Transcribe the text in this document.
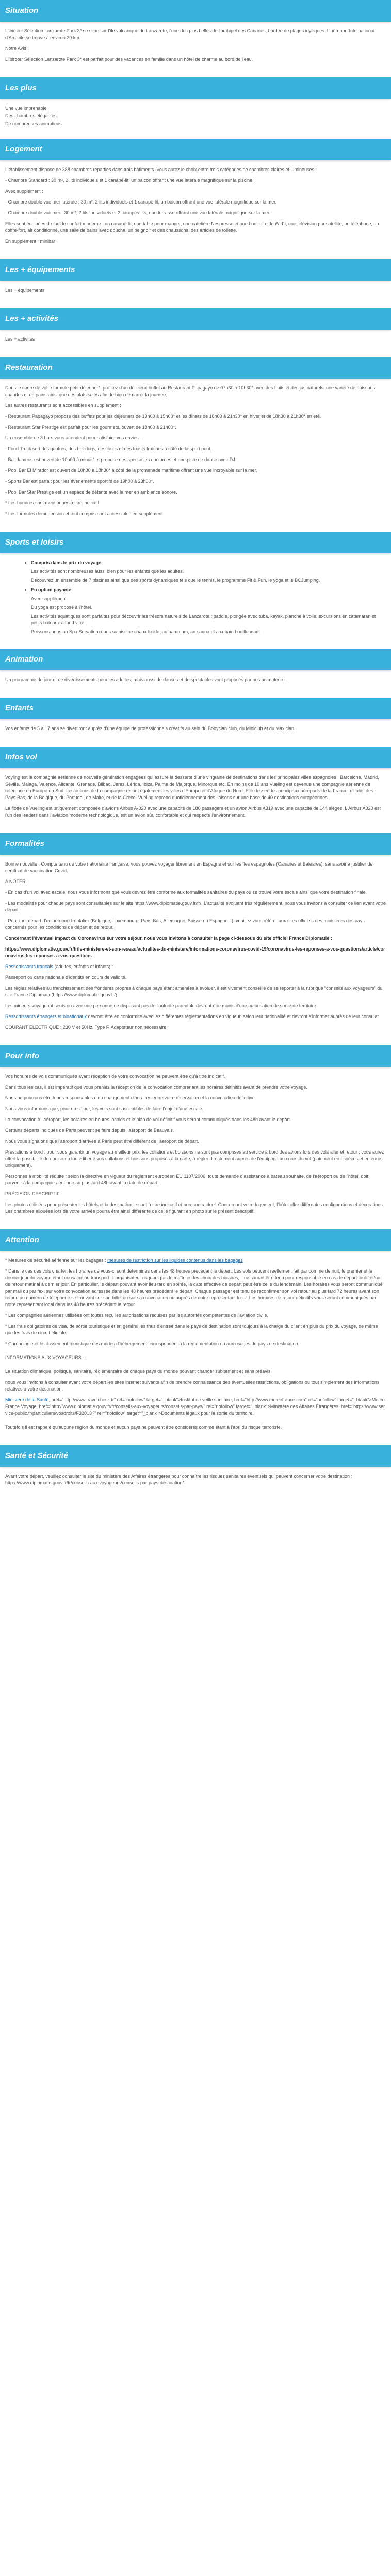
Situation

L'ibiroter Sélection Lanzarote Park 3* se situe sur l'île volcanique de Lanzarote, l'une des plus belles de l'archipel des Canaries, bordée de plages idylliques. L'aéroport International d'Arrecife se trouve à environ 20 km.

Notre Avis :

L'ibiroter Sélection Lanzarote Park 3* est parfait pour des vacances en famille dans un hôtel de charme au bord de l'eau.

Les plus
Une vue imprenable
Des chambres élégantes
De nombreuses animations
Logement

L'établissement dispose de 388 chambres réparties dans trois bâtiments. Vous aurez le choix entre trois catégories de chambres claires et lumineuses :

- Chambre Standard : 30 m², 2 lits individuels et 1 canapé-lit, un balcon offrant une vue latérale magnifique sur la piscine.

Avec supplément :

- Chambre double vue mer latérale : 30 m², 2 lits individuels et 1 canapé-lit, un balcon offrant une vue latérale magnifique sur la mer.

- Chambre double vue mer : 30 m², 2 lits individuels et 2 canapés-lits, une terrasse offrant une vue latérale magnifique sur la mer.

Elles sont équipées de tout le confort moderne : un canapé-lit, une table pour manger, une cafetière Nespresso et une bouilloire, le Wi-Fi, une télévision par satellite, un téléphone, un coffre-fort, air conditionné, une salle de bains avec douche, un peignoir et des chaussons, des articles de toilette.

En supplément : minibar

Les + équipements

Les + équipements

Les + activités

Les + activités

Restauration

Dans le cadre de votre formule petit-déjeuner*, profitez d'un délicieux buffet au Restaurant Papagayo de 07h30 à 10h30* avec des fruits et des jus naturels, une variété de boissons chaudes et de pains ainsi que des plats salés afin de bien démarrer la journée.

Les autres restaurants sont accessibles en supplément :

- Restaurant Papagayo propose des buffets pour les déjeuners de 13h00 à 15h00* et les dîners de 18h00 à 21h30* en hiver et de 18h30 à 21h30* en été.

- Restaurant Star Prestige est parfait pour les gourmets, ouvert de 18h00 à 21h00*.

Un ensemble de 3 bars vous attendent pour satisfaire vos envies :

- Food Truck sert des gaufres, des hot-dogs, des tacos et des toasts fraîches à côté de la sport pool.

- Bar Jameos est ouvert de 10h00 à minuit* et propose des spectacles nocturnes et une piste de danse avec DJ.

- Pool Bar El Mirador est ouvert de 10h30 à 18h30* à côté de la promenade maritime offrant une vue incroyable sur la mer.

- Sports Bar est parfait pour les événements sportifs de 19h00 à 23h00*.

- Pool Bar Star Prestige est un espace de détente avec la mer en ambiance sonore.

* Les horaires sont mentionnés à titre indicatif

* Les formules demi-pension et tout compris sont accessibles en supplément.

Sports et loisirs
• Compris dans le prix du voyage
Les activités sont nombreuses aussi bien pour les enfants que les adultes.
Découvrez un ensemble de 7 piscines ainsi que des sports dynamiques tels que le tennis, le programme Fit & Fun, le yoga et le BCJumping.
• En option payante
Avec supplément :
Du yoga est proposé à l'hôtel.
Les activités aquatiques sont parfaites pour découvrir les trésors naturels de Lanzarote : paddle, plongée avec tuba, kayak, planche à voile, excursions en catamaran et petits bateaux à fond vitré.
Poissons-nous au Spa Servatium dans sa piscine chaux froide, au hammam, au sauna et aux bain bouillonnant.
Animation

Un programme de jour et de divertissements pour les adultes, mais aussi de danses et de spectacles vont proposés par nos animateurs.

Enfants

Vos enfants de 5 à 17 ans se divertiront auprès d'une équipe de professionnels créatifs au sein du Bobyclan club, du Miniclub et du Maxiclan.

Infos vol

Voyling est la compagnie aérienne de nouvelle génération engagées qui assure la desserte d'une vingtaine de destinations dans les principales villes espagnoles : Barcelone, Madrid, Séville, Malaga, Valence, Alicante, Grenade, Bilbao, Jerez, Lérida, Ibiza, Palma de Majorque, Minorque etc. En moins de 10 ans Vueling est devenue une compagnie aérienne de référence en Europe du Sud. Les actions de la compagnie reliant également les villes d'Europe et d'Afrique du Nord. Elle dessert les principaux aéroports de la France, d'Italie, des Pays-Bas, de la Belgique, du Portugal, de Malte, et de la Grèce. Vueling reprend quotidiennement des liaisons sur une base de 40 destinations européennes.

La flotte de Vueling est uniquement composée d'avions Airbus A-320 avec une capacité de 180 passagers et un avion Airbus A319 avec une capacité de 144 sièges. L'Airbus A320 est l'un des leaders dans l'aviation moderne technologique, est un avion sûr, confortable et qui respecte l'environnement.

Formalités

Bonne nouvelle : Compte tenu de votre nationalité française, vous pouvez voyager librement en Espagne et sur les îles espagnoles (Canaries et Baléares), sans avoir à justifier de certificat de vaccination Covid.

A NOTER

- En cas d'un vol avec escale, nous vous informons que vous devrez être conforme aux formalités sanitaires du pays où se trouve votre escale ainsi que votre destination finale.

- Les modalités pour chaque pays sont consultables sur le site https://www.diplomatie.gouv.fr/fr/. L'actualité évoluant très régulièrement, nous vous invitons à consulter ce lien avant votre départ.

- Pour tout départ d'un aéroport frontalier (Belgique, Luxembourg, Pays-Bas, Allemagne, Suisse ou Espagne...), veuillez vous référer aux sites officiels des ministères des pays concernés pour les conditions de départ et de retour.

Concernant l'éventuel impact du Coronavirus sur votre séjour, nous vous invitons à consulter la page ci-dessous du site officiel France Diplomatie :

https://www.diplomatie.gouv.fr/fr/le-ministere-et-son-reseau/actualites-du-ministere/informations-coronavirus-covid-19/coronavirus-les-reponses-a-vos-questions/article/coronavirus-les-reponses-a-vos-questions

Ressortissants français (adultes, enfants et infants) :

Passeport ou carte nationale d'identité en cours de validité.

Les règles relatives au franchissement des frontières propres à chaque pays étant amenées à évoluer, il est vivement conseillé de se reporter à la rubrique "conseils aux voyageurs" du site France Diplomatie(https://www.diplomatie.gouv.fr/)

Les mineurs voyageant seuls ou avec une personne ne disposant pas de l'autorité parentale devront être munis d'une autorisation de sortie de territoire.

Ressortissants étrangers et binationaux devront être en conformité avec les différentes réglementations en vigueur, selon leur nationalité et devront s'informer auprès de leur consulat.

COURANT ÉLECTRIQUE : 230 V et 50Hz. Type F. Adaptateur non nécessaire.

Pour info

Vos horaires de vols communiqués avant réception de votre convocation ne peuvent être qu'à titre indicatif.

Dans tous les cas, il est impératif que vous preniez la réception de la convocation comprenant les horaires définitifs avant de prendre votre voyage.

Nous ne pourrons être tenus responsables d'un changement d'horaires entre votre réservation et la convocation définitive.

Nous vous informons que, pour un séjour, les vols sont susceptibles de faire l'objet d'une escale.

La convocation à l'aéroport, les horaires en heures locales et le plan de vol définitif vous seront communiqués dans les 48h avant le départ.

Certains départs indiqués de Paris peuvent se faire depuis l'aéroport de Beauvais.

Nous vous signalons que l'aéroport d'arrivée à Paris peut être différent de l'aéroport de départ.

Prestations à bord : pour vous garantir un voyage au meilleur prix, les collations et boissons ne sont pas comprises au service à bord des avions lors des vols aller et retour ; vous aurez offert la possibilité de choisir en toute liberté vos collations et boissons proposés à la carte, à régler directement auprès de l'équipage au cours du vol (paiement en espèces et en euros uniquement).

Personnes à mobilité réduite : selon la directive en vigueur du règlement européen EU 1107/2006, toute demande d'assistance à bateau souhaite, de l'aéroport ou de l'hôtel, doit parvenir à la compagnie aérienne au plus tard 48h avant la date de départ.

PRÉCISION DESCRIPTIF

Les photos utilisées pour présenter les hôtels et la destination le sont à titre indicatif et non-contractuel. Concernant votre logement, l'hôtel offre différentes configurations et décorations. Les chambres allouées lors de votre arrivée pourra être ainsi différente de celle figurant en photo sur le présent descriptif.

Attention

* Mesures de sécurité aérienne sur les bagages : mesures de restriction sur les liquides contenus dans les bagages

* Dans le cas des vols charter, les horaires de vous-ci sont déterminés dans les 48 heures précédant le départ. Les vols peuvent réellement fait par comme de nuit, le premier et le dernier jour du voyage étant consacré au transport. L'organisateur risquant pas le maîtrise des choix des horaires, il ne saurait être tenu pour responsable en cas de départ tardif et/ou de retour matinal à dernier jour. En particulier, le départ pouvant avoir lieu tard en soirée, la date effective de départ peut être celle du lendemain. Les horaires vous seront communiqué par mail ou par fax, sur votre convocation adressée dans les 48 heures précédant le départ. Chaque passager est tenu de reconfirmer son vol retour au plus tard 72 heures avant son retour, au numéro de téléphone se trouvant sur son billet ou sur sa convocation ou auprès de notre représentant local. Les horaires de retour définitifs vous seront communiqués par notre représentant local dans les 48 heures précédant le retour.

* Les compagnies aériennes utilisées ont toutes reçu les autorisations requises par les autorités compétentes de l'aviation civile.

* Les frais obligatoires de visa, de sortie touristique et en général les frais d'entrée dans le pays de destination sont toujours à la charge du client en plus du prix du voyage, de même que les frais de circuit éligible.

* Chronologie et le classement touristique des modes d'hébergement correspondent à la réglementation ou aux usages du pays de destination.

INFORMATIONS AUX VOYAGEURS :

La situation climatique, politique, sanitaire, réglementaire de chaque pays du monde pouvant changer subitement et sans préavis.

nous vous invitons à consulter avant votre départ les sites internet suivants afin de prendre connaissance des éventuelles restrictions, obligations ou tout simplement des informations relatives à votre destination.

Ministère de la Santé, href="http://www.travelcheck.fr" rel="nofollow" target="_blank">Institut de veille sanitaire, href="http://www.meteofrance.com" rel="nofollow" target="_blank">Météo France Voyage, href="http://www.diplomatie.gouv.fr/fr/conseils-aux-voyageurs/conseils-par-pays/" rel="nofollow" target="_blank">Ministère des Affaires Étrangères, href="https://www.service-public.fr/particuliers/vosdroits/F32013?" rel="nofollow" target="_blank">Documents légaux pour la sortie du territoire.

Toutefois il est rappelé qu'aucune région du monde et aucun pays ne peuvent être considérés comme étant à l'abri du risque terroriste.

Santé et Sécurité

Avant votre départ, veuillez consulter le site du ministère des Affaires étrangères pour connaître les risques sanitaires éventuels qui peuvent concerner votre destination : https://www.diplomatie.gouv.fr/fr/conseils-aux-voyageurs/conseils-par-pays-destination/
